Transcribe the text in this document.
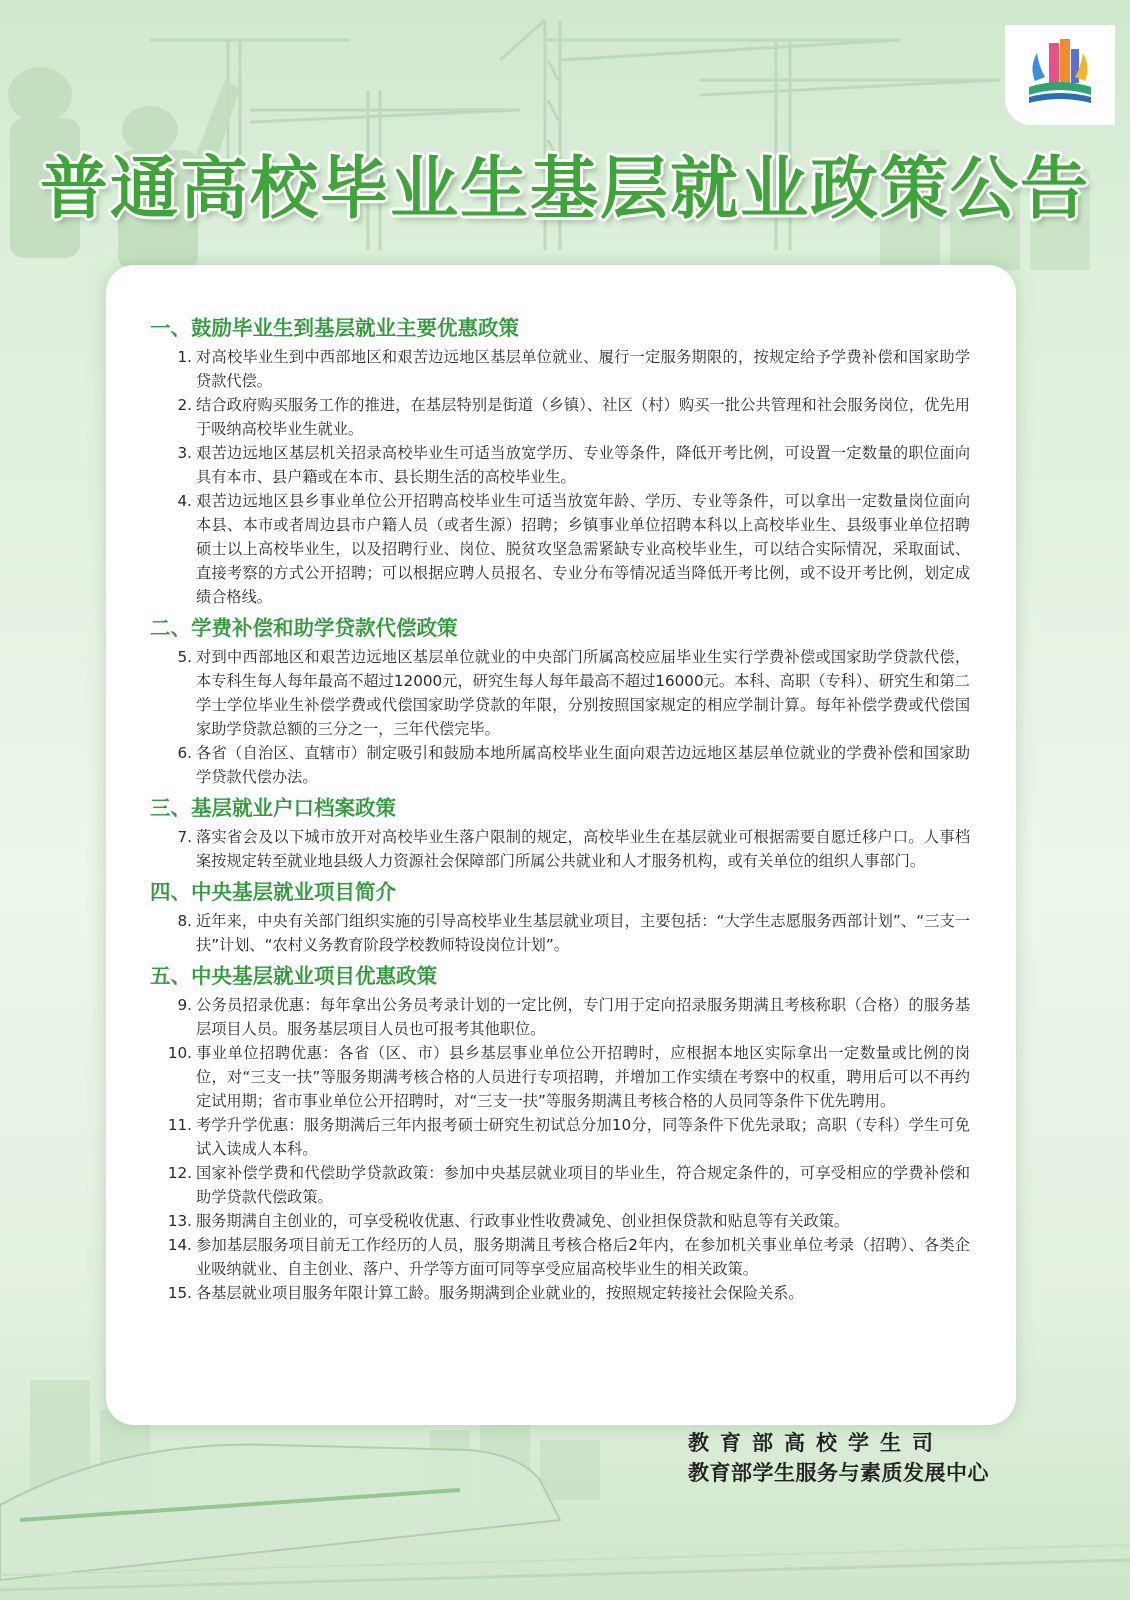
普通高校毕业生基层就业政策公告
一、鼓励毕业生到基层就业主要优惠政策
1. 对高校毕业生到中西部地区和艰苦边远地区基层单位就业、履行一定服务期限的，按规定给予学费补偿和国家助学贷款代偿。
2. 结合政府购买服务工作的推进，在基层特别是街道（乡镇）、社区（村）购买一批公共管理和社会服务岗位，优先用于吸纳高校毕业生就业。
3. 艰苦边远地区基层机关招录高校毕业生可适当放宽学历、专业等条件，降低开考比例，可设置一定数量的职位面向具有本市、县户籍或在本市、县长期生活的高校毕业生。
4. 艰苦边远地区县乡事业单位公开招聘高校毕业生可适当放宽年龄、学历、专业等条件，可以拿出一定数量岗位面向本县、本市或者周边县市户籍人员（或者生源）招聘；乡镇事业单位招聘本科以上高校毕业生、县级事业单位招聘硕士以上高校毕业生，以及招聘行业、岗位、脱贫攻坚急需紧缺专业高校毕业生，可以结合实际情况，采取面试、直接考察的方式公开招聘；可以根据应聘人员报名、专业分布等情况适当降低开考比例，或不设开考比例，划定成绩合格线。
二、学费补偿和助学贷款代偿政策
5. 对到中西部地区和艰苦边远地区基层单位就业的中央部门所属高校应届毕业生实行学费补偿或国家助学贷款代偿，本专科生每人每年最高不超过12000元，研究生每人每年最高不超过16000元。本科、高职（专科）、研究生和第二学士学位毕业生补偿学费或代偿国家助学贷款的年限，分别按照国家规定的相应学制计算。每年补偿学费或代偿国家助学贷款总额的三分之一，三年代偿完毕。
6. 各省（自治区、直辖市）制定吸引和鼓励本地所属高校毕业生面向艰苦边远地区基层单位就业的学费补偿和国家助学贷款代偿办法。
三、基层就业户口档案政策
7. 落实省会及以下城市放开对高校毕业生落户限制的规定，高校毕业生在基层就业可根据需要自愿迁移户口。人事档案按规定转至就业地县级人力资源社会保障部门所属公共就业和人才服务机构，或有关单位的组织人事部门。
四、中央基层就业项目简介
8. 近年来，中央有关部门组织实施的引导高校毕业生基层就业项目，主要包括：“大学生志愿服务西部计划”、“三支一扶”计划、“农村义务教育阶段学校教师特设岗位计划”。
五、中央基层就业项目优惠政策
9. 公务员招录优惠：每年拿出公务员考录计划的一定比例，专门用于定向招录服务期满且考核称职（合格）的服务基层项目人员。服务基层项目人员也可报考其他职位。
10. 事业单位招聘优惠：各省（区、市）县乡基层事业单位公开招聘时，应根据本地区实际拿出一定数量或比例的岗位，对“三支一扶”等服务期满考核合格的人员进行专项招聘，并增加工作实绩在考察中的权重，聘用后可以不再约定试用期；省市事业单位公开招聘时，对“三支一扶”等服务期满且考核合格的人员同等条件下优先聘用。
11. 考学升学优惠：服务期满后三年内报考硕士研究生初试总分加10分，同等条件下优先录取；高职（专科）学生可免试入读成人本科。
12. 国家补偿学费和代偿助学贷款政策：参加中央基层就业项目的毕业生，符合规定条件的，可享受相应的学费补偿和助学贷款代偿政策。
13. 服务期满自主创业的，可享受税收优惠、行政事业性收费减免、创业担保贷款和贴息等有关政策。
14. 参加基层服务项目前无工作经历的人员，服务期满且考核合格后2年内，在参加机关事业单位考录（招聘）、各类企业吸纳就业、自主创业、落户、升学等方面可同等享受应届高校毕业生的相关政策。
15. 各基层就业项目服务年限计算工龄。服务期满到企业就业的，按照规定转接社会保险关系。
教育部高校学生司
教育部学生服务与素质发展中心
